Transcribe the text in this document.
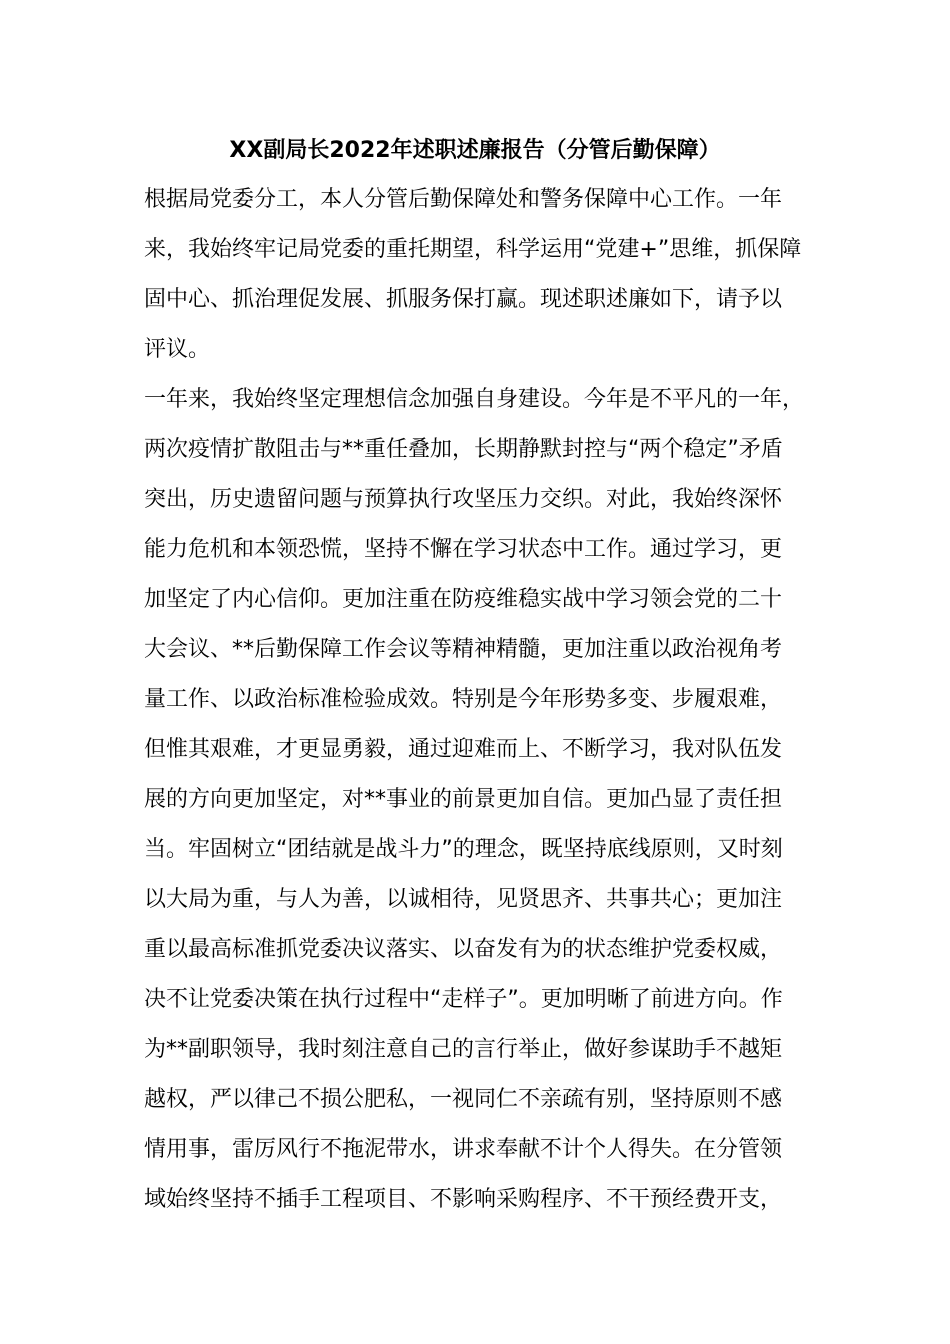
XX副局长2022年述职述廉报告（分管后勤保障）
根据局党委分工，本人分管后勤保障处和警务保障中心工作。一年
来，我始终牢记局党委的重托期望，科学运用“党建+”思维，抓保障
固中心、抓治理促发展、抓服务保打赢。现述职述廉如下，请予以
评议。
一年来，我始终坚定理想信念加强自身建设。今年是不平凡的一年，
两次疫情扩散阻击与**重任叠加，长期静默封控与“两个稳定”矛盾
突出，历史遗留问题与预算执行攻坚压力交织。对此，我始终深怀
能力危机和本领恐慌，坚持不懈在学习状态中工作。通过学习，更
加坚定了内心信仰。更加注重在防疫维稳实战中学习领会党的二十
大会议、**后勤保障工作会议等精神精髓，更加注重以政治视角考
量工作、以政治标准检验成效。特别是今年形势多变、步履艰难，
但惟其艰难，才更显勇毅，通过迎难而上、不断学习，我对队伍发
展的方向更加坚定，对**事业的前景更加自信。更加凸显了责任担
当。牢固树立“团结就是战斗力”的理念，既坚持底线原则，又时刻
以大局为重，与人为善，以诚相待，见贤思齐、共事共心；更加注
重以最高标准抓党委决议落实、以奋发有为的状态维护党委权威，
决不让党委决策在执行过程中“走样子”。更加明晰了前进方向。作
为**副职领导，我时刻注意自己的言行举止，做好参谋助手不越矩
越权，严以律己不损公肥私，一视同仁不亲疏有别，坚持原则不感
情用事，雷厉风行不拖泥带水，讲求奉献不计个人得失。在分管领
域始终坚持不插手工程项目、不影响采购程序、不干预经费开支，
